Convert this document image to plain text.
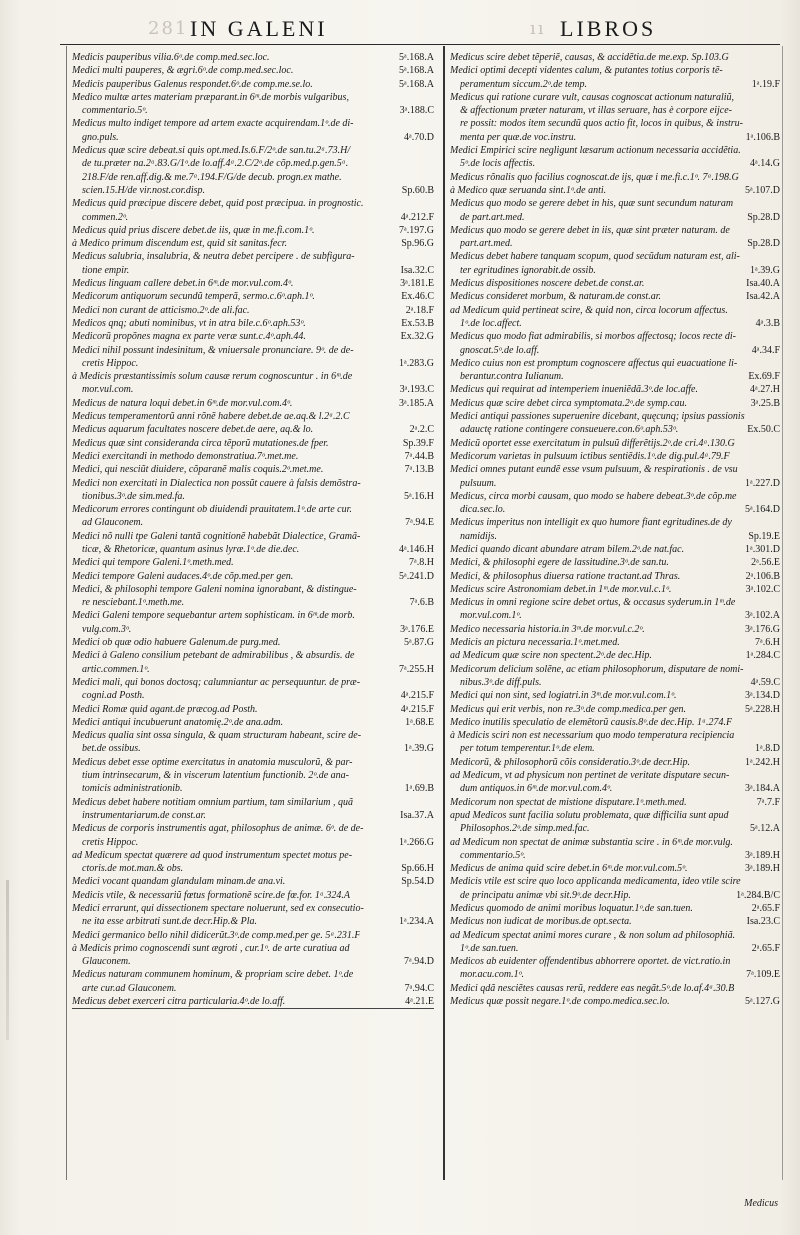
281 IN GALENI	ıı LIBROS
Medicis pauperibus vilia.6ᵒ.de comp.med.sec.loc.	5ᵃ.168.A
Medici multi pauperes, & ægri.6ᵒ.de comp.med.sec.loc.	5ᵃ.168.A
Medicis pauperibus Galenus respondet.6ᵒ.de comp.me.se.lo.	5ᵃ.168.A
Medico multæ artes materiam præparant.in 6ᵐ.de morbis vulgaribus,
commentario.5ᵒ.	3ᵃ.188.C
Medicus multo indiget tempore ad artem exacte acquirendam.1ᵒ.de di-
gno.puls.	4ᵃ.70.D
Medicus quæ scire debeat.si quis opt.med.Is.6.F/2ᵒ.de san.tu.2ᵃ.73.H/
de tu.præter na.2ᵃ.83.G/1ᵒ.de lo.aff.4ᵃ.2.C/2ᵒ.de cõp.med.p.gen.5ᵃ.
218.F/de ren.aff.dig.& me.7ᵃ.194.F/G/de decub. progn.ex mathe.
scien.15.H/de vir.nost.cor.disp.	Sp.60.B
Medicus quid præcipue discere debet, quid post præcipua. in prognostic.
commen.2ᵒ.	4ᵃ.212.F
Medicus quid prius discere debet.de iis, quæ in me.fi.com.1ᵒ.	7ᵃ.197.G
à Medico primum discendum est, quid sit sanitas.fecr.	Sp.96.G
Medicus salubria, insalubria, & neutra debet percipere . de subfigura-
tione empir.	Isa.32.C
Medicus linguam callere debet.in 6ᵐ.de mor.vul.com.4ᵒ.	3ᵃ.181.E
Medicorum antiquorum secundũ temperã, sermo.c.6ᵒ.aph.1ᵒ.	Ex.46.C
Medici non curant de atticismo.2ᵒ.de ali.fac.	2ᵃ.18.F
Medicos qnq; abuti nominibus, vt in atra bile.c.6ᵒ.aph.53ᵒ.	Ex.53.B
Medicorũ propõnes magna ex parte veræ sunt.c.4ᵒ.aph.44.	Ex.32.G
Medici nihil possunt indesinitum, & vniuersale pronunciare. 9ᵒ. de de-
cretis Hippoc.	1ᵃ.283.G
à Medicis præstantissimis solum causæ rerum cognoscuntur . in 6ᵐ.de
mor.vul.com.	3ᵃ.193.C
Medicus de natura loqui debet.in 6ᵐ.de mor.vul.com.4ᵒ.	3ᵃ.185.A
Medicus temperamentorũ anni rõnẽ habere debet.de ae.aq.& l.2ᵃ.2.C
Medicus aquarum facultates noscere debet.de aere, aq.& lo.	2ᵃ.2.C
Medicus quæ sint consideranda circa tẽporũ mutationes.de fper.	Sp.39.F
Medici exercitandi in methodo demonstratiua.7ᵒ.met.me.	7ᵃ.44.B
Medici, qui nesciũt diuidere, cõparanẽ malis coquis.2ᵒ.met.me.	7ᵃ.13.B
Medici non exercitati in Dialectica non possũt cauere à falsis demõstra-
tionibus.3ᵒ.de sim.med.fa.	5ᵃ.16.H
Medicorum errores contingunt ob diuidendi prauitatem.1ᵒ.de arte cur.
ad Glauconem.	7ᵃ.94.E
Medici nõ nulli tpe Galeni tantã cognitionẽ habebãt Dialectice, Gramã-
ticæ, & Rhetoricæ, quantum asinus lyræ.1ᵒ.de die.dec.	4ᵃ.146.H
Medici qui tempore Galeni.1ᵒ.meth.med.	7ᵃ.8.H
Medici tempore Galeni audaces.4ᵒ.de cõp.med.per gen.	5ᵃ.241.D
Medici, & philosophi tempore Galeni nomina ignorabant, & distingue-
re nesciebant.1ᵒ.meth.me.	7ᵃ.6.B
Medici Galeni tempore sequebantur artem sophisticam. in 6ᵐ.de morb.
vulg.com.3ᵒ.	3ᵃ.176.E
Medici ob quæ odio habuere Galenum.de purg.med.	5ᵃ.87.G
Medici à Galeno consilium petebant de admirabilibus , & absurdis. de
artic.commen.1ᵒ.	7ᵃ.255.H
Medici mali, qui bonos doctosq; calumniantur ac persequuntur. de præ-
cogni.ad Posth.	4ᵃ.215.F
Medici Romæ quid agant.de præcog.ad Posth.	4ᵃ.215.F
Medici antiqui incubuerunt anatomię.2ᵒ.de ana.adm.	1ᵃ.68.E
Medicus qualia sint ossa singula, & quam structuram habeant, scire de-
bet.de ossibus.	1ᵃ.39.G
Medicus debet esse optime exercitatus in anatomia musculorũ, & par-
tium intrinsecarum, & in viscerum latentium functionib. 2ᵒ.de ana-
tomicis administrationib.	1ᵃ.69.B
Medicus debet habere notitiam omnium partium, tam similarium , quã
instrumentariarum.de const.ar.	Isa.37.A
Medicus de corporis instrumentis agat, philosophus de animæ. 6ᵒ. de de-
cretis Hippoc.	1ᵃ.266.G
ad Medicum spectat quærere ad quod instrumentum spectet motus pe-
ctoris.de mot.man.& obs.	Sp.66.H
Medici vocant quandam glandulam minam.de ana.vi.	Sp.54.D
Medicis vtile, & necessariũ fœtus formationẽ scire.de fœ.for. 1ᵃ.324.A
Medici errarunt, qui dissectionem spectare noluerunt, sed ex consecutio-
ne ita esse arbitrati sunt.de decr.Hip.& Pla.	1ᵃ.234.A
Medici germanico bello nihil didicerũt.3ᵒ.de comp.med.per ge. 5ᵃ.231.F
à Medicis primo cognoscendi sunt ægroti , cur.1ᵒ. de arte curatiua ad
Glauconem.	7ᵃ.94.D
Medicus naturam communem hominum, & propriam scire debet. 1ᵒ.de
arte cur.ad Glauconem.	7ᵃ.94.C
Medicus debet exerceri citra particularia.4ᵒ.de lo.aff.	4ᵃ.21.E
Medicus scire debet tẽperiẽ, causas, & accidẽtia.de me.exp. Sp.103.G
Medici optimi decepti videntes calum, & putantes totius corporis tẽ-
peramentum siccum.2ᵒ.de temp.	1ᵃ.19.F
Medicus qui ratione curare vult, causas cognoscat actionum naturaliũ,
& affectionum præter naturam, vt illas seruare, has è corpore eijce-
re possit: modos item secundũ quos actio fit, locos in quibus, & instru-
menta per quæ.de voc.instru.	1ᵃ.106.B
Medici Empirici scire negligunt læsarum actionum necessaria accidẽtia.
5ᵒ.de locis affectis.	4ᵃ.14.G
Medicus rõnalis quo facilius cognoscat.de ijs, quæ i me.fi.c.1ᵒ. 7ᵃ.198.G
à Medico quæ seruanda sint.1ᵒ.de anti.	5ᵃ.107.D
Medicus quo modo se gerere debet in his, quæ sunt secundum naturam
de part.art.med.	Sp.28.D
Medicus quo modo se gerere debet in iis, quæ sint præter naturam. de
part.art.med.	Sp.28.D
Medicus debet habere tanquam scopum, quod secũdum naturam est, ali-
ter egritudines ignorabit.de ossib.	1ᵃ.39.G
Medicus dispositiones noscere debet.de const.ar.	Isa.40.A
Medicus consideret morbum, & naturam.de const.ar.	Isa.42.A
ad Medicum quid pertineat scire, & quid non, circa locorum affectus.
1ᵒ.de loc.affect.	4ᵃ.3.B
Medicus quo modo fiat admirabilis, si morbos affectosq; locos recte di-
gnoscat.5ᵒ.de lo.aff.	4ᵃ.34.F
Medico cuius non est promptum cognoscere affectus qui euacuatione li-
berantur.contra Iulianum.	Ex.69.F
Medicus qui requirat ad intemperiem inueniẽdã.3ᵒ.de loc.affe.	4ᵃ.27.H
Medicus quæ scire debet circa symptomata.2ᵒ.de symp.cau.	3ᵃ.25.B
Medici antiqui passiones superuenire dicebant, quęcunq; ipsius passionis
adauctę ratione contingere consueuere.con.6ᵒ.aph.53ᵒ.	Ex.50.C
Medicũ oportet esse exercitatum in pulsuũ differẽtijs.2ᵒ.de cri.4ᵃ.130.G
Medicorum varietas in pulsuum ictibus sentiẽdis.1ᵒ.de dig.pul.4ᵃ.79.F
Medici omnes putant eundẽ esse vsum pulsuum, & respirationis . de vsu
pulsuum.	1ᵃ.227.D
Medicus, circa morbi causam, quo modo se habere debeat.3ᵒ.de cõp.me
dica.sec.lo.	5ᵃ.164.D
Medicus imperitus non intelligit ex quo humore fiant egritudines.de dy
namidijs.	Sp.19.E
Medici quando dicant abundare atram bilem.2ᵒ.de nat.fac.	1ᵃ.301.D
Medici, & philosophi egere de lassitudine.3ᵒ.de san.tu.	2ᵃ.56.E
Medici, & philosophus diuersa ratione tractant.ad Thras.	2ᵃ.106.B
Medicus scire Astronomiam debet.in 1ᵐ.de mor.vul.c.1ᵒ.	3ᵃ.102.C
Medicus in omni regione scire debet ortus, & occasus syderum.in 1ᵐ.de
mor.vul.com.1ᵒ.	3ᵃ.102.A
Medico necessaria historia.in 3ᵐ.de mor.vul.c.2ᵒ.	3ᵃ.176.G
Medicis an pictura necessaria.1ᵒ.met.med.	7ᵃ.6.H
ad Medicum quæ scire non spectent.2ᵒ.de dec.Hip.	1ᵃ.284.C
Medicorum delicium solẽne, ac etiam philosophorum, disputare de nomi-
nibus.3ᵒ.de diff.puls.	4ᵃ.59.C
Medici qui non sint, sed logiatri.in 3ᵐ.de mor.vul.com.1ᵒ.	3ᵃ.134.D
Medicus qui erit verbis, non re.3ᵒ.de comp.medica.per gen.	5ᵃ.228.H
Medico inutilis speculatio de elemẽtorũ causis.8ᵒ.de dec.Hip. 1ᵃ.274.F
à Medicis sciri non est necessarium quo modo temperatura recipiencia
per totum temperentur.1ᵒ.de elem.	1ᵃ.8.D
Medicorũ, & philosophorũ cõis consideratio.3ᵒ.de decr.Hip.	1ᵃ.242.H
ad Medicum, vt ad physicum non pertinet de veritate disputare secun-
dum antiquos.in 6ᵐ.de mor.vul.com.4ᵒ.	3ᵃ.184.A
Medicorum non spectat de mistione disputare.1ᵒ.meth.med.	7ᵃ.7.F
apud Medicos sunt facilia solutu problemata, quæ difficilia sunt apud
Philosophos.2ᵒ.de simp.med.fac.	5ᵃ.12.A
ad Medicum non spectat de animæ substantia scire . in 6ᵐ.de mor.vulg.
commentario.5ᵒ.	3ᵃ.189.H
Medicus de anima quid scire debet.in 6ᵐ.de mor.vul.com.5ᵒ.	3ᵃ.189.H
Medicis vtile est scire quo loco applicanda medicamenta, ideo vtile scire
de principatu animæ vbi sit.9ᵒ.de decr.Hip.	1ᵃ.284.B/C
Medicus quomodo de animi moribus loquatur.1ᵒ.de san.tuen.	2ᵃ.65.F
Medicus non iudicat de moribus.de opt.secta.	Isa.23.C
ad Medicum spectat animi mores curare , & non solum ad philosophiã.
1ᵒ.de san.tuen.	2ᵃ.65.F
Medicos ab euidenter offendentibus abhorrere oportet. de vict.ratio.in
mor.acu.com.1ᵒ.	7ᵃ.109.E
Medici qdã nesciẽtes causas rerũ, reddere eas negãt.5ᵒ.de lo.af.4ᵃ.30.B
Medicus quæ possit negare.1ᵒ.de compo.medica.sec.lo.	5ᵃ.127.G
Medicus
